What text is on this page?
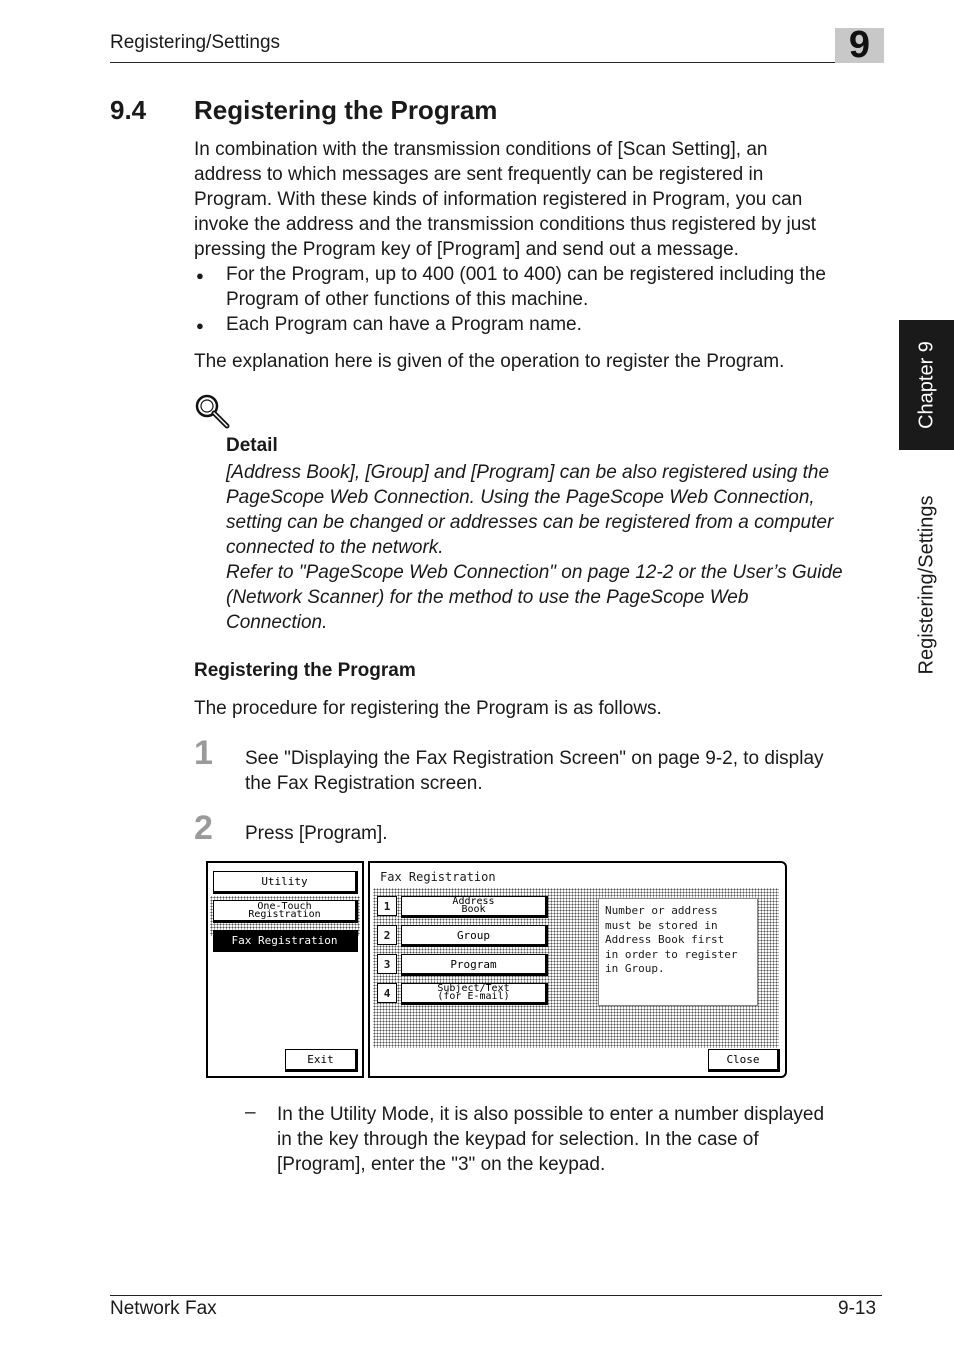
Registering/Settings	9
Chapter 9
Registering/Settings
9.4 Registering the Program
In combination with the transmission conditions of [Scan Setting], an
address to which messages are sent frequently can be registered in
Program. With these kinds of information registered in Program, you can
invoke the address and the transmission conditions thus registered by just
pressing the Program key of [Program] and send out a message.
● For the Program, up to 400 (001 to 400) can be registered including the
Program of other functions of this machine.
● Each Program can have a Program name.
The explanation here is given of the operation to register the Program.
Detail
[Address Book], [Group] and [Program] can be also registered using the
PageScope Web Connection. Using the PageScope Web Connection,
setting can be changed or addresses can be registered from a computer
connected to the network.
Refer to "PageScope Web Connection" on page 12-2 or the User’s Guide
(Network Scanner) for the method to use the PageScope Web
Connection.
Registering the Program
The procedure for registering the Program is as follows.
1 See "Displaying the Fax Registration Screen" on page 9-2, to display
the Fax Registration screen.
2 Press [Program].
Utility
One-Touch
Registration
Fax Registration
Exit
Fax Registration
1	Address
Book
2	Group
3	Program
4	Subject/Text
(for E-mail)
Number or address
must be stored in
Address Book first
in order to register
in Group.
Close
– In the Utility Mode, it is also possible to enter a number displayed
in the key through the keypad for selection. In the case of
[Program], enter the "3" on the keypad.
Network Fax	9-13
